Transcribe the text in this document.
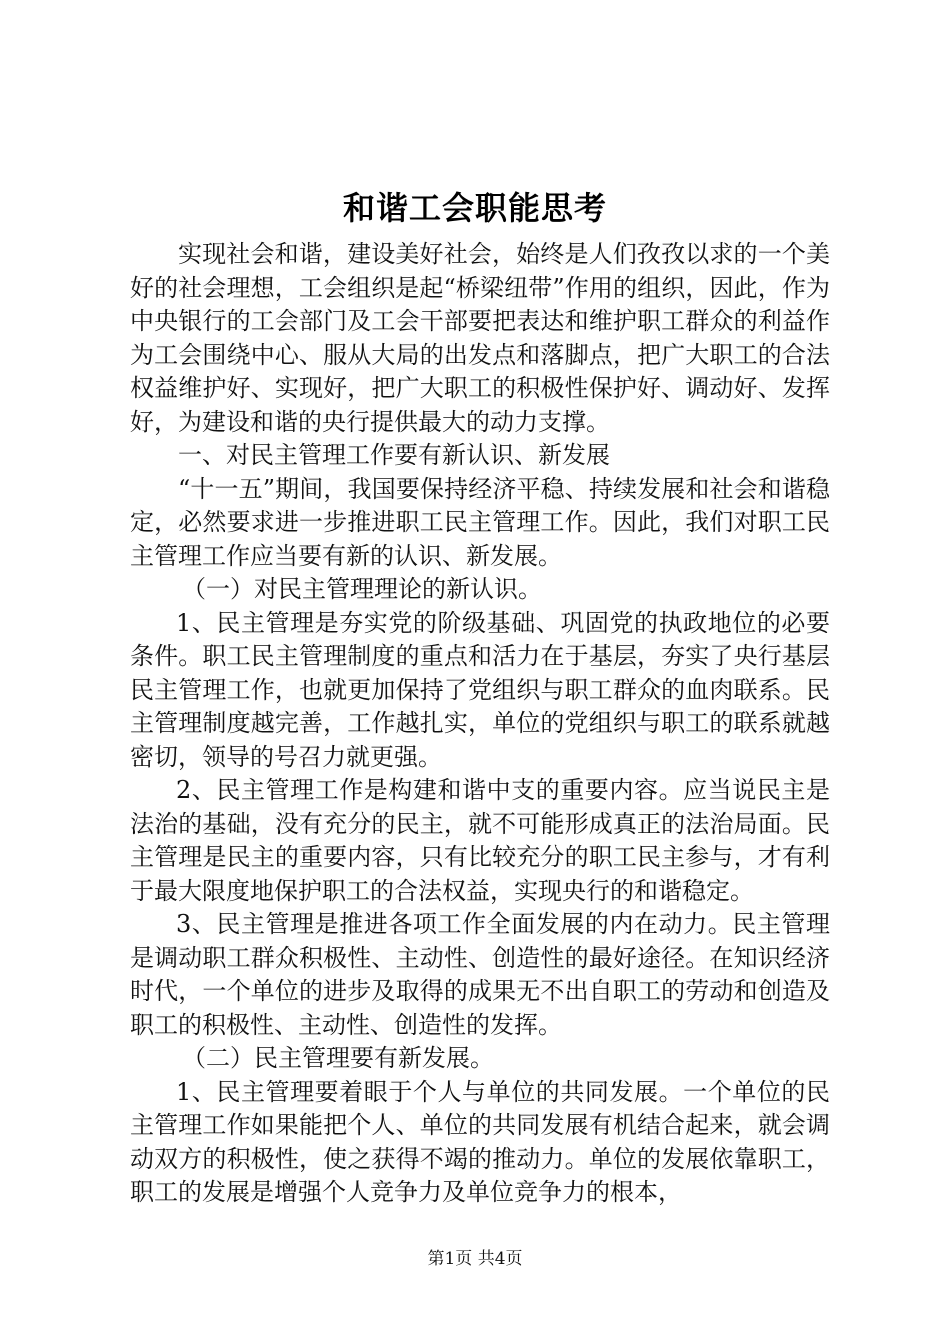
和谐工会职能思考

实现社会和谐，建设美好社会，始终是人们孜孜以求的一个美好的社会理想，工会组织是起“桥梁纽带”作用的组织，因此，作为中央银行的工会部门及工会干部要把表达和维护职工群众的利益作为工会围绕中心、服从大局的出发点和落脚点，把广大职工的合法权益维护好、实现好，把广大职工的积极性保护好、调动好、发挥好，为建设和谐的央行提供最大的动力支撑。

一、对民主管理工作要有新认识、新发展

“十一五”期间，我国要保持经济平稳、持续发展和社会和谐稳定，必然要求进一步推进职工民主管理工作。因此，我们对职工民主管理工作应当要有新的认识、新发展。

（一）对民主管理理论的新认识。

1、民主管理是夯实党的阶级基础、巩固党的执政地位的必要条件。职工民主管理制度的重点和活力在于基层，夯实了央行基层民主管理工作，也就更加保持了党组织与职工群众的血肉联系。民主管理制度越完善，工作越扎实，单位的党组织与职工的联系就越密切，领导的号召力就更强。

2、民主管理工作是构建和谐中支的重要内容。应当说民主是法治的基础，没有充分的民主，就不可能形成真正的法治局面。民主管理是民主的重要内容，只有比较充分的职工民主参与，才有利于最大限度地保护职工的合法权益，实现央行的和谐稳定。

3、民主管理是推进各项工作全面发展的内在动力。民主管理是调动职工群众积极性、主动性、创造性的最好途径。在知识经济时代，一个单位的进步及取得的成果无不出自职工的劳动和创造及职工的积极性、主动性、创造性的发挥。

（二）民主管理要有新发展。

1、民主管理要着眼于个人与单位的共同发展。一个单位的民主管理工作如果能把个人、单位的共同发展有机结合起来，就会调动双方的积极性，使之获得不竭的推动力。单位的发展依靠职工，职工的发展是增强个人竞争力及单位竞争力的根本，

第1页 共4页
